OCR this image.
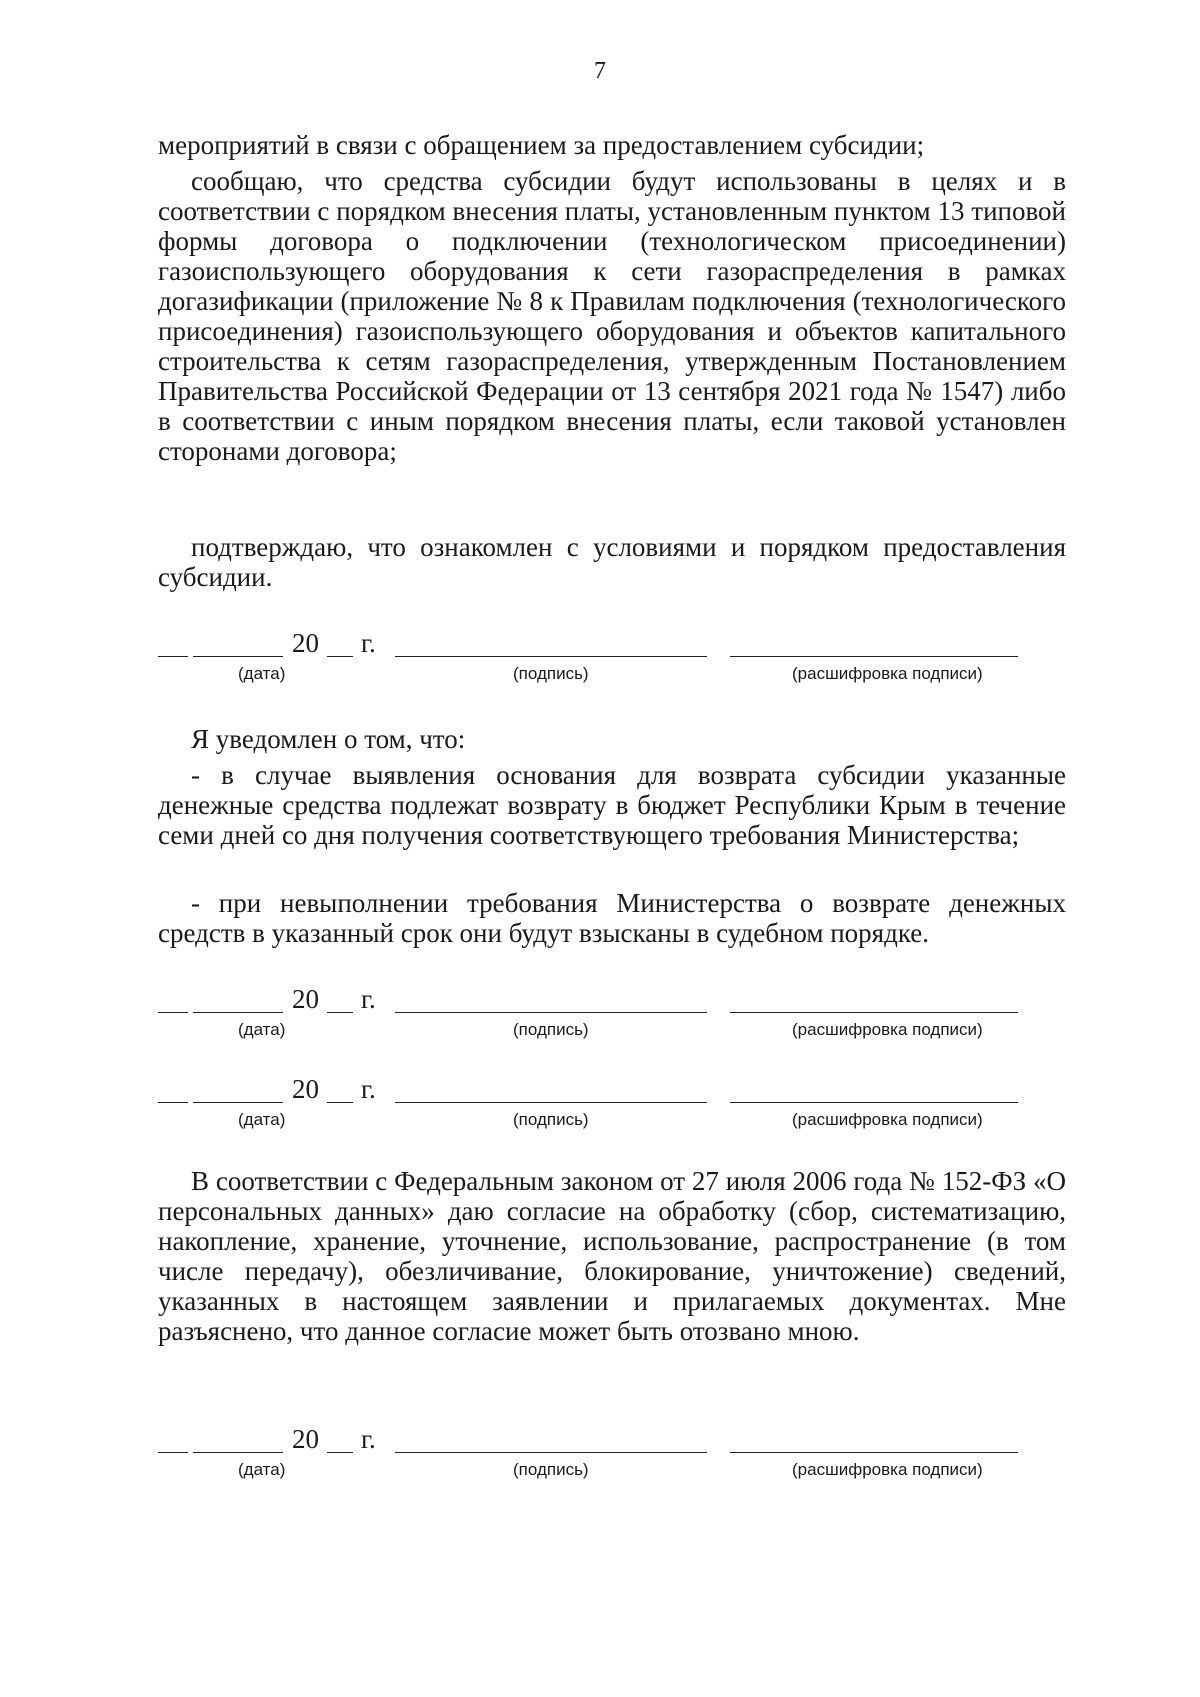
7
мероприятий в связи с обращением за предоставлением субсидии;
сообщаю, что средства субсидии будут использованы в целях и в соответствии с порядком внесения платы, установленным пунктом 13 типовой формы договора о подключении (технологическом присоединении) газоиспользующего оборудования к сети газораспределения в рамках догазификации (приложение № 8 к Правилам подключения (технологического присоединения) газоиспользующего оборудования и объектов капитального строительства к сетям газораспределения, утвержденным Постановлением Правительства Российской Федерации от 13 сентября 2021 года № 1547) либо в соответствии с иным порядком внесения платы, если таковой установлен сторонами договора;
подтверждаю, что ознакомлен с условиями и порядком предоставления субсидии.
20 г.
(дата)	(подпись)	(расшифровка подписи)
Я уведомлен о том, что:
- в случае выявления основания для возврата субсидии указанные денежные средства подлежат возврату в бюджет Республики Крым в течение семи дней со дня получения соответствующего требования Министерства;
- при невыполнении требования Министерства о возврате денежных средств в указанный срок они будут взысканы в судебном порядке.
20 г.
(дата)	(подпись)	(расшифровка подписи)
20 г.
(дата)	(подпись)	(расшифровка подписи)
В соответствии с Федеральным законом от 27 июля 2006 года № 152-ФЗ «О персональных данных» даю согласие на обработку (сбор, систематизацию, накопление, хранение, уточнение, использование, распространение (в том числе передачу), обезличивание, блокирование, уничтожение) сведений, указанных в настоящем заявлении и прилагаемых документах. Мне разъяснено, что данное согласие может быть отозвано мною.
20 г.
(дата)	(подпись)	(расшифровка подписи)
